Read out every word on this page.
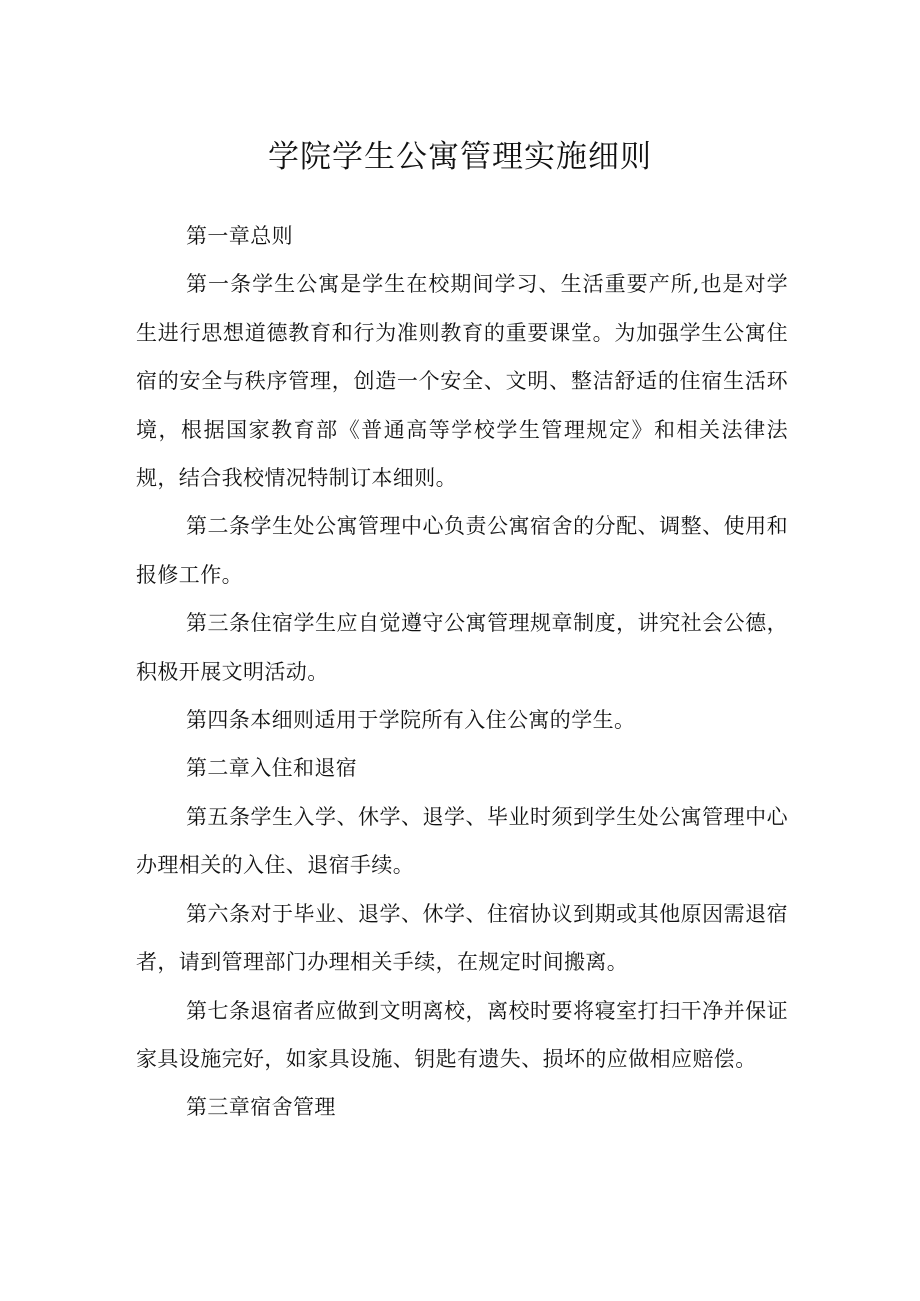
学院学生公寓管理实施细则

第一章总则

第一条学生公寓是学生在校期间学习、生活重要产所,也是对学生进行思想道德教育和行为准则教育的重要课堂。为加强学生公寓住宿的安全与秩序管理，创造一个安全、文明、整洁舒适的住宿生活环境，根据国家教育部《普通高等学校学生管理规定》和相关法律法规，结合我校情况特制订本细则。

第二条学生处公寓管理中心负责公寓宿舍的分配、调整、使用和报修工作。

第三条住宿学生应自觉遵守公寓管理规章制度，讲究社会公德，积极开展文明活动。

第四条本细则适用于学院所有入住公寓的学生。

第二章入住和退宿

第五条学生入学、休学、退学、毕业时须到学生处公寓管理中心办理相关的入住、退宿手续。

第六条对于毕业、退学、休学、住宿协议到期或其他原因需退宿者，请到管理部门办理相关手续，在规定时间搬离。

第七条退宿者应做到文明离校，离校时要将寝室打扫干净并保证家具设施完好，如家具设施、钥匙有遗失、损坏的应做相应赔偿。

第三章宿舍管理
